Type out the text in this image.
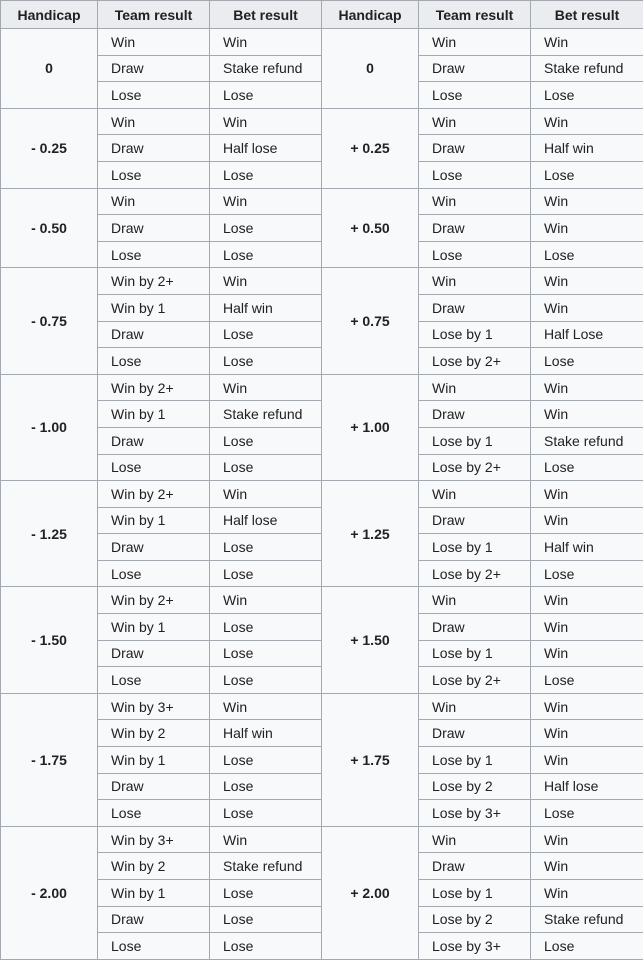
Handicap	Team result	Bet result	Handicap	Team result	Bet result
0	Win	Win	0	Win	Win
	Draw	Stake refund		Draw	Stake refund
	Lose	Lose		Lose	Lose
- 0.25	Win	Win	+ 0.25	Win	Win
	Draw	Half lose		Draw	Half win
	Lose	Lose		Lose	Lose
- 0.50	Win	Win	+ 0.50	Win	Win
	Draw	Lose		Draw	Win
	Lose	Lose		Lose	Lose
- 0.75	Win by 2+	Win	+ 0.75	Win	Win
	Win by 1	Half win		Draw	Win
	Draw	Lose		Lose by 1	Half Lose
	Lose	Lose		Lose by 2+	Lose
- 1.00	Win by 2+	Win	+ 1.00	Win	Win
	Win by 1	Stake refund		Draw	Win
	Draw	Lose		Lose by 1	Stake refund
	Lose	Lose		Lose by 2+	Lose
- 1.25	Win by 2+	Win	+ 1.25	Win	Win
	Win by 1	Half lose		Draw	Win
	Draw	Lose		Lose by 1	Half win
	Lose	Lose		Lose by 2+	Lose
- 1.50	Win by 2+	Win	+ 1.50	Win	Win
	Win by 1	Lose		Draw	Win
	Draw	Lose		Lose by 1	Win
	Lose	Lose		Lose by 2+	Lose
- 1.75	Win by 3+	Win	+ 1.75	Win	Win
	Win by 2	Half win		Draw	Win
	Win by 1	Lose		Lose by 1	Win
	Draw	Lose		Lose by 2	Half lose
	Lose	Lose		Lose by 3+	Lose
- 2.00	Win by 3+	Win	+ 2.00	Win	Win
	Win by 2	Stake refund		Draw	Win
	Win by 1	Lose		Lose by 1	Win
	Draw	Lose		Lose by 2	Stake refund
	Lose	Lose		Lose by 3+	Lose
